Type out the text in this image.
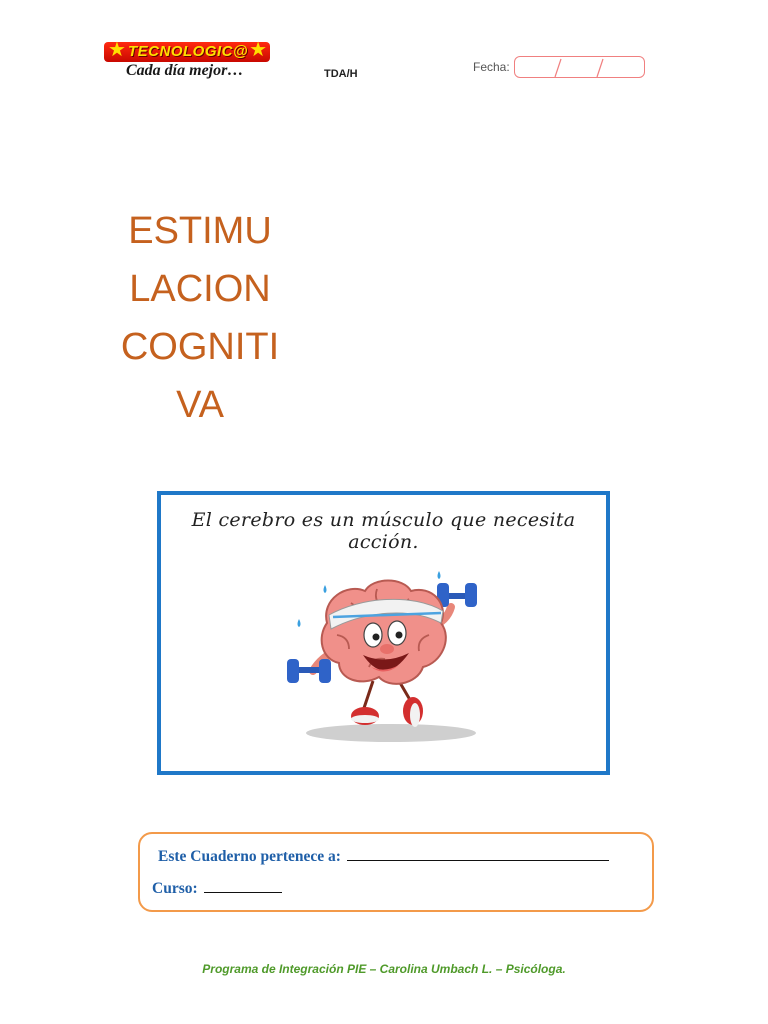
★ TECNOLOGIC@ ★
Cada día mejor…	TDA/H	Fecha:
ESTIMU
LACION
COGNITI
VA
El cerebro es un músculo que necesita acción.
Este Cuaderno pertenece a:
Curso:
Programa de Integración PIE – Carolina Umbach L. – Psicóloga.
